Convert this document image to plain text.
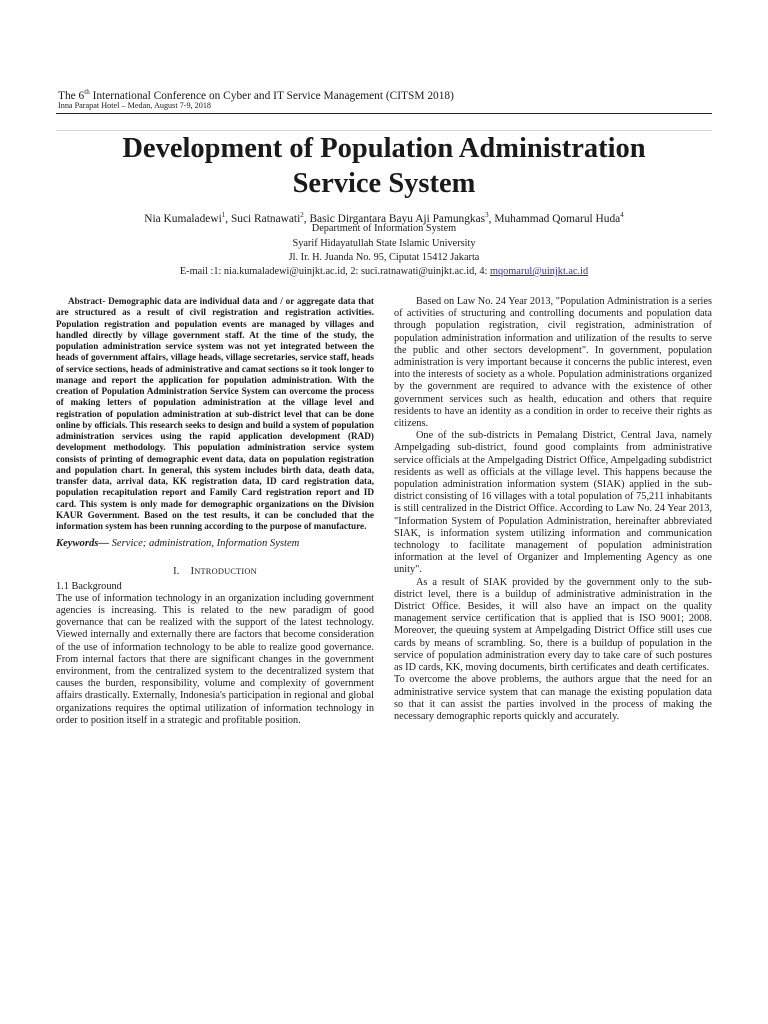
The 6th International Conference on Cyber and IT Service Management (CITSM 2018)
Inna Parapat Hotel – Medan, August 7-9, 2018
Development of Population Administration
Service System
Nia Kumaladewi$^1$, Suci Ratnawati$^2$, Basic Dirgantara Bayu Aji Pamungkas$^3$, Muhammad Qomarul Huda$^4$
Department of Information System
Syarif Hidayatullah State Islamic University
Jl. Ir. H. Juanda No. 95, Ciputat 15412 Jakarta
E-mail :1: nia.kumaladewi@uinjkt.ac.id, 2: suci.ratnawati@uinjkt.ac.id, 4: mqomarul@uinjkt.ac.id

Abstract- Demographic data are individual data and / or aggregate data that are structured as a result of civil registration and registration activities. Population registration and population events are managed by villages and handled directly by village government staff. At the time of the study, the population administration service system was not yet integrated between the heads of government affairs, village heads, village secretaries, service staff, heads of service sections, heads of administrative and camat sections so it took longer to manage and report the application for population administration. With the creation of Population Administration Service System can overcome the process of making letters of population administration at the village level and registration of population administration at sub-district level that can be done online by officials. This research seeks to design and build a system of population administration services using the rapid application development (RAD) development methodology. This population administration service system consists of printing of demographic event data, data on population registration and population chart. In general, this system includes birth data, death data, transfer data, arrival data, KK registration data, ID card registration data, population recapitulation report and Family Card registration report and ID card. This system is only made for demographic organizations on the Division KAUR Government. Based on the test results, it can be concluded that the information system has been running according to the purpose of manufacture.

Keywords— Service; administration, Information System

I. INTRODUCTION

1.1 Background

The use of information technology in an organization including government agencies is increasing. This is related to the new paradigm of good governance that can be realized with the support of the latest technology. Viewed internally and externally there are factors that become consideration of the use of information technology to be able to realize good governance. From internal factors that there are significant changes in the government environment, from the centralized system to the decentralized system that causes the burden, responsibility, volume and complexity of government affairs drastically. Externally, Indonesia's participation in regional and global organizations requires the optimal utilization of information technology in order to position itself in a strategic and profitable position.

Based on Law No. 24 Year 2013, "Population Administration is a series of activities of structuring and controlling documents and population data through population registration, civil registration, administration of population administration information and utilization of the results to serve the public and other sectors development". In government, population administration is very important because it concerns the public interest, even into the interests of society as a whole. Population administrations organized by the government are required to advance with the existence of other government services such as health, education and others that require residents to have an identity as a condition in order to receive their rights as citizens.

One of the sub-districts in Pemalang District, Central Java, namely Ampelgading sub-district, found good complaints from administrative service officials at the Ampelgading District Office, Ampelgading subdistrict residents as well as officials at the village level. This happens because the population administration information system (SIAK) applied in the sub-district consisting of 16 villages with a total population of 75,211 inhabitants is still centralized in the District Office. According to Law No. 24 Year 2013, "Information System of Population Administration, hereinafter abbreviated SIAK, is information system utilizing information and communication technology to facilitate management of population administration information at the level of Organizer and Implementing Agency as one unity".

As a result of SIAK provided by the government only to the sub-district level, there is a buildup of administrative administration in the District Office. Besides, it will also have an impact on the quality management service certification that is applied that is ISO 9001; 2008. Moreover, the queuing system at Ampelgading District Office still uses cue cards by means of scrambling. So, there is a buildup of population in the service of population administration every day to take care of such postures as ID cards, KK, moving documents, birth certificates and death certificates.

To overcome the above problems, the authors argue that the need for an administrative service system that can manage the existing population data so that it can assist the parties involved in the process of making the necessary demographic reports quickly and accurately.
